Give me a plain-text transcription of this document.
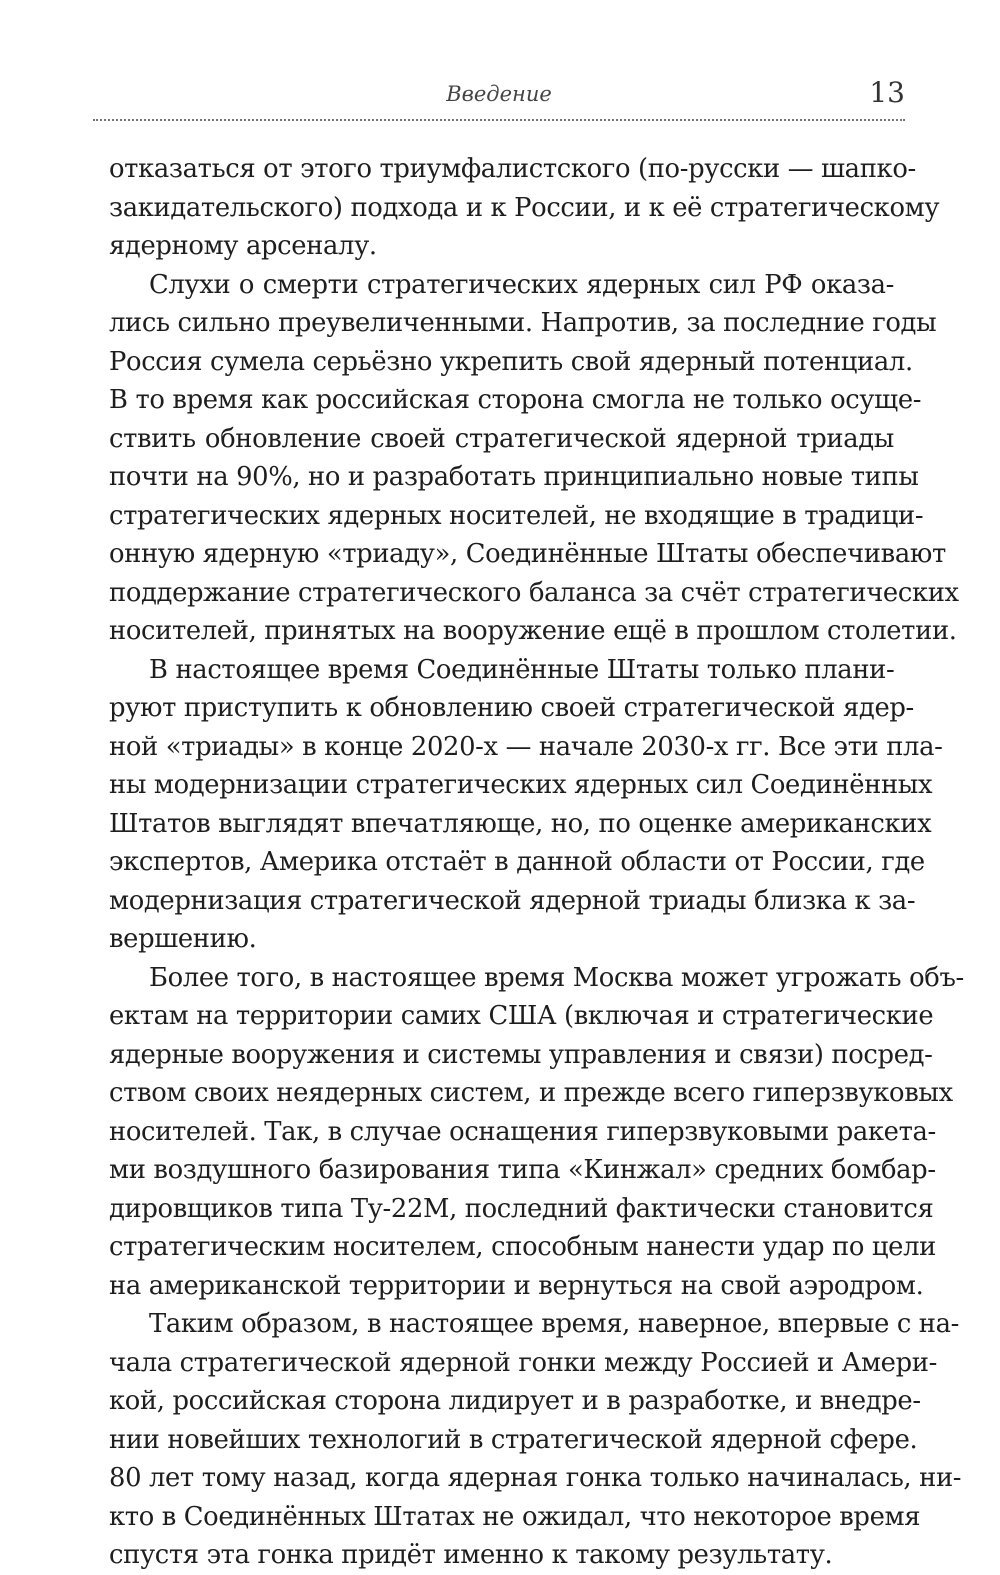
Введение	13
отказаться от этого триумфалистского (по-русски — шапко-
закидательского) подхода и к России, и к её стратегическому
ядерному арсеналу.
Слухи о смерти стратегических ядерных сил РФ оказа-
лись сильно преувеличенными. Напротив, за последние годы
Россия сумела серьёзно укрепить свой ядерный потенциал.
В то время как российская сторона смогла не только осуще-
ствить обновление своей стратегической ядерной триады
почти на 90%, но и разработать принципиально новые типы
стратегических ядерных носителей, не входящие в традици-
онную ядерную «триаду», Соединённые Штаты обеспечивают
поддержание стратегического баланса за счёт стратегических
носителей, принятых на вооружение ещё в прошлом столетии.
В настоящее время Соединённые Штаты только плани-
руют приступить к обновлению своей стратегической ядер-
ной «триады» в конце 2020-х — начале 2030-х гг. Все эти пла-
ны модернизации стратегических ядерных сил Соединённых
Штатов выглядят впечатляюще, но, по оценке американских
экспертов, Америка отстаёт в данной области от России, где
модернизация стратегической ядерной триады близка к за-
вершению.
Более того, в настоящее время Москва может угрожать объ-
ектам на территории самих США (включая и стратегические
ядерные вооружения и системы управления и связи) посред-
ством своих неядерных систем, и прежде всего гиперзвуковых
носителей. Так, в случае оснащения гиперзвуковыми ракета-
ми воздушного базирования типа «Кинжал» средних бомбар-
дировщиков типа Ту-22М, последний фактически становится
стратегическим носителем, способным нанести удар по цели
на американской территории и вернуться на свой аэродром.
Таким образом, в настоящее время, наверное, впервые с на-
чала стратегической ядерной гонки между Россией и Амери-
кой, российская сторона лидирует и в разработке, и внедре-
нии новейших технологий в стратегической ядерной сфере.
80 лет тому назад, когда ядерная гонка только начиналась, ни-
кто в Соединённых Штатах не ожидал, что некоторое время
спустя эта гонка придёт именно к такому результату.
